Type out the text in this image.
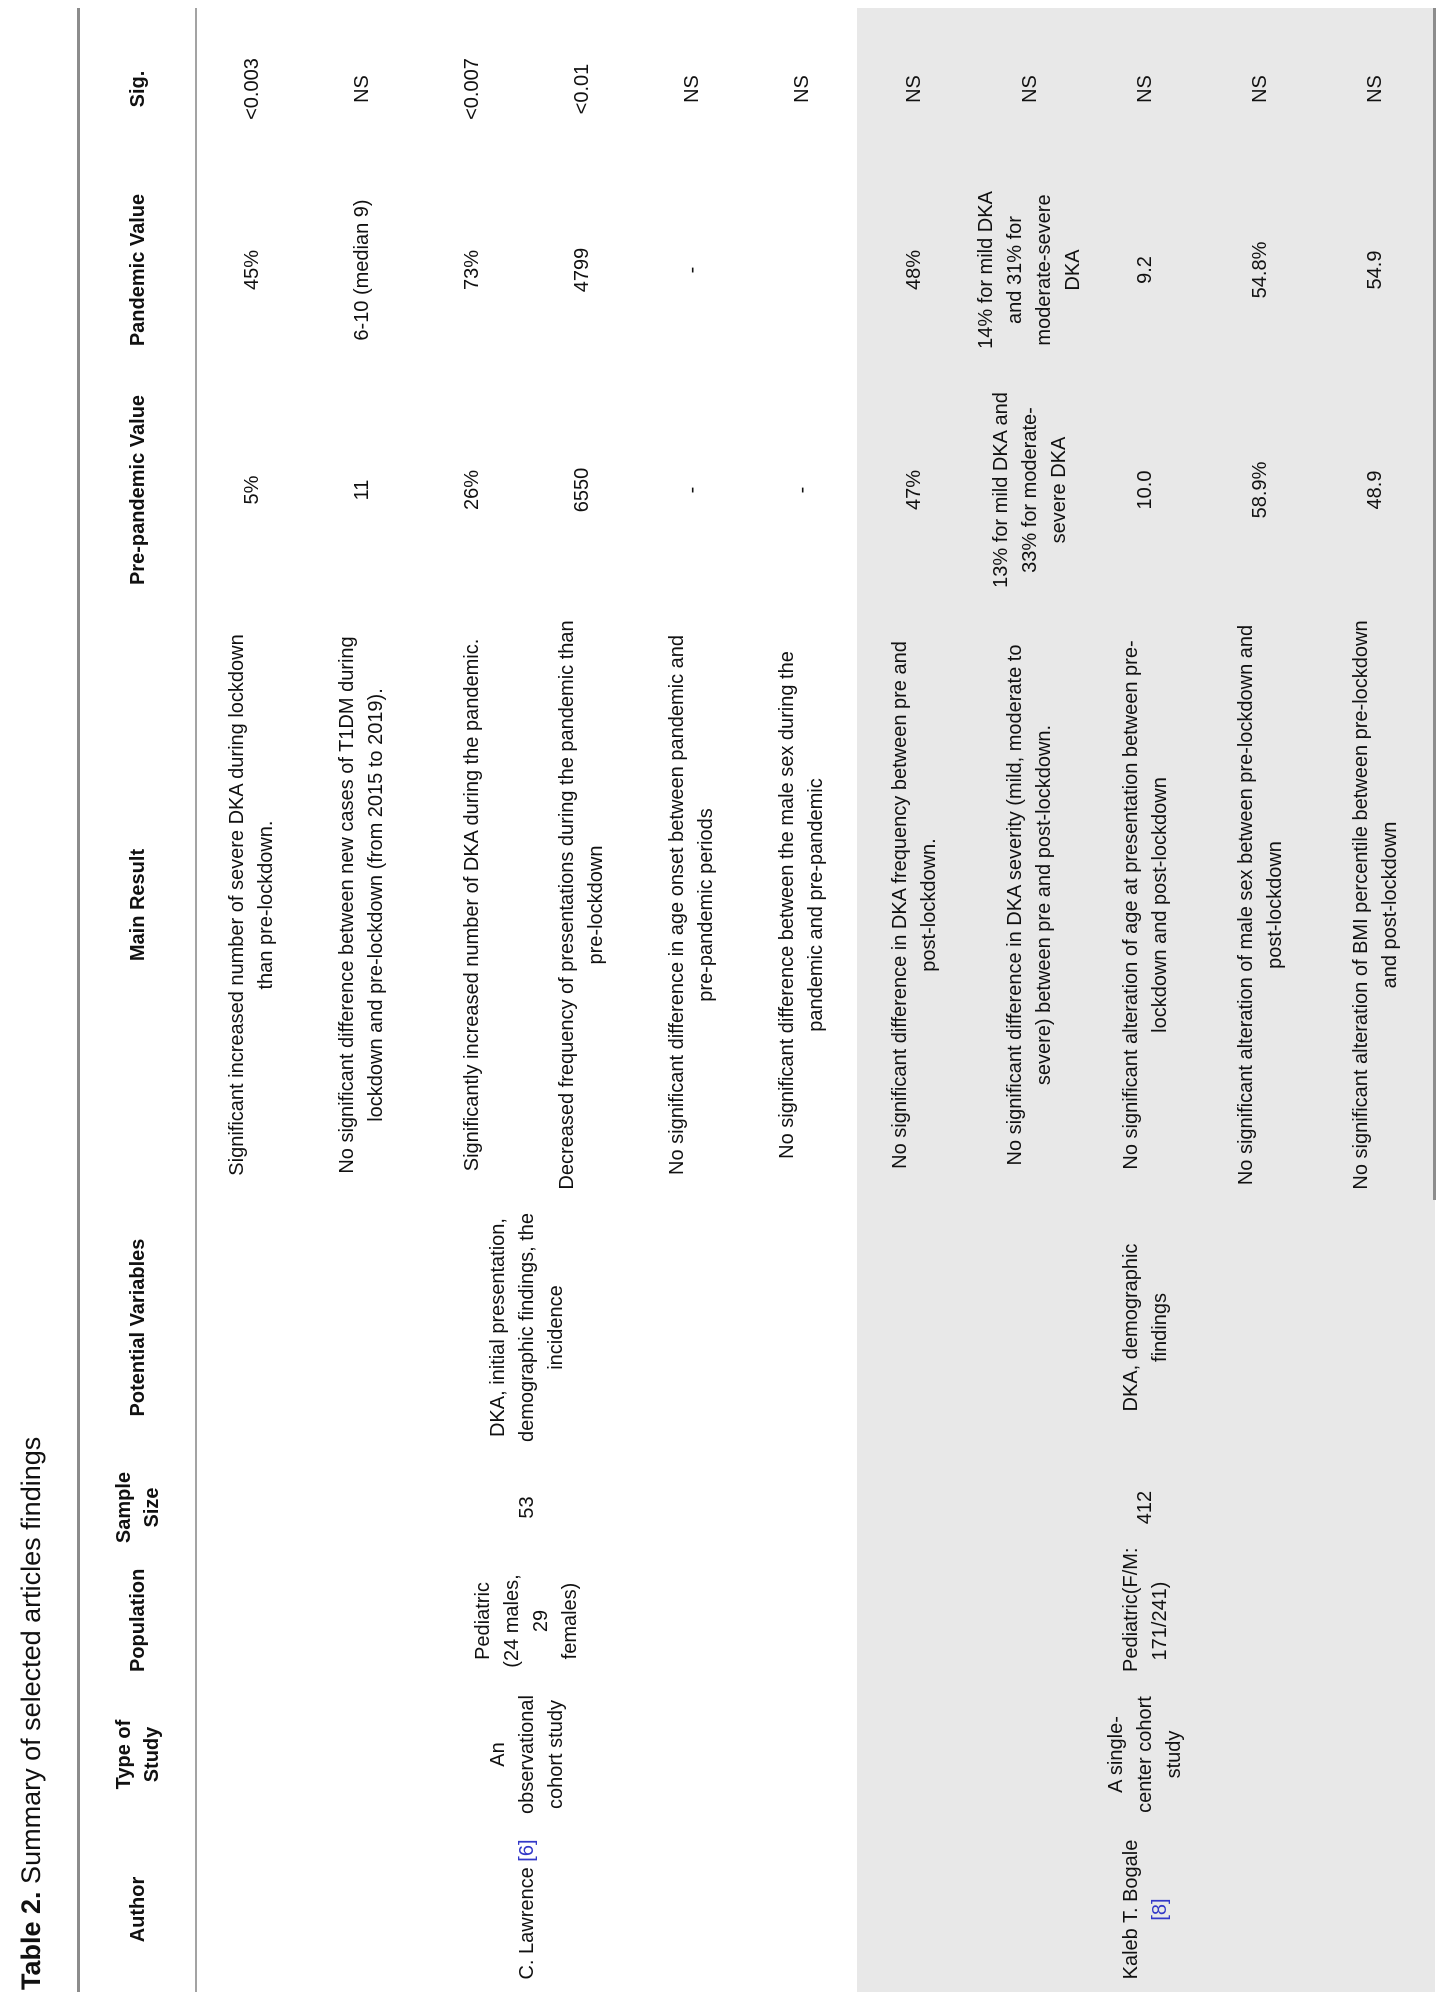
Table 2. Summary of selected articles findings
Author	Type of Study	Population	Sample Size	Potential Variables	Main Result	Pre-pandemic Value	Pandemic Value	Sig.
C. Lawrence [6]	An observational cohort study	Pediatric (24 males, 29 females)	53	DKA, initial presentation, demographic findings, the incidence	Significant increased number of severe DKA during lockdown than pre-lockdown.	5%	45%	<0.003
					No significant difference between new cases of T1DM during lockdown and pre-lockdown (from 2015 to 2019).	11	6-10 (median 9)	NS
					Significantly increased number of DKA during the pandemic.	26%	73%	<0.007
					Decreased frequency of presentations during the pandemic than pre-lockdown	6550	4799	<0.01
					No significant difference in age onset between pandemic and pre-pandemic periods	-	-	NS
					No significant difference between the male sex during the pandemic and pre-pandemic	-		NS
Kaleb T. Bogale [8]	A single-center cohort study	Pediatric(F/M: 171/241)	412	DKA, demographic findings	No significant difference in DKA frequency between pre and post-lockdown.	47%	48%	NS
					No significant difference in DKA severity (mild, moderate to severe) between pre and post-lockdown.	13% for mild DKA and 33% for moderate-severe DKA	14% for mild DKA and 31% for moderate-severe DKA	NS
					No significant alteration of age at presentation between pre-lockdown and post-lockdown	10.0	9.2	NS
					No significant alteration of male sex between pre-lockdown and post-lockdown	58.9%	54.8%	NS
					No significant alteration of BMI percentile between pre-lockdown and post-lockdown	48.9	54.9	NS
